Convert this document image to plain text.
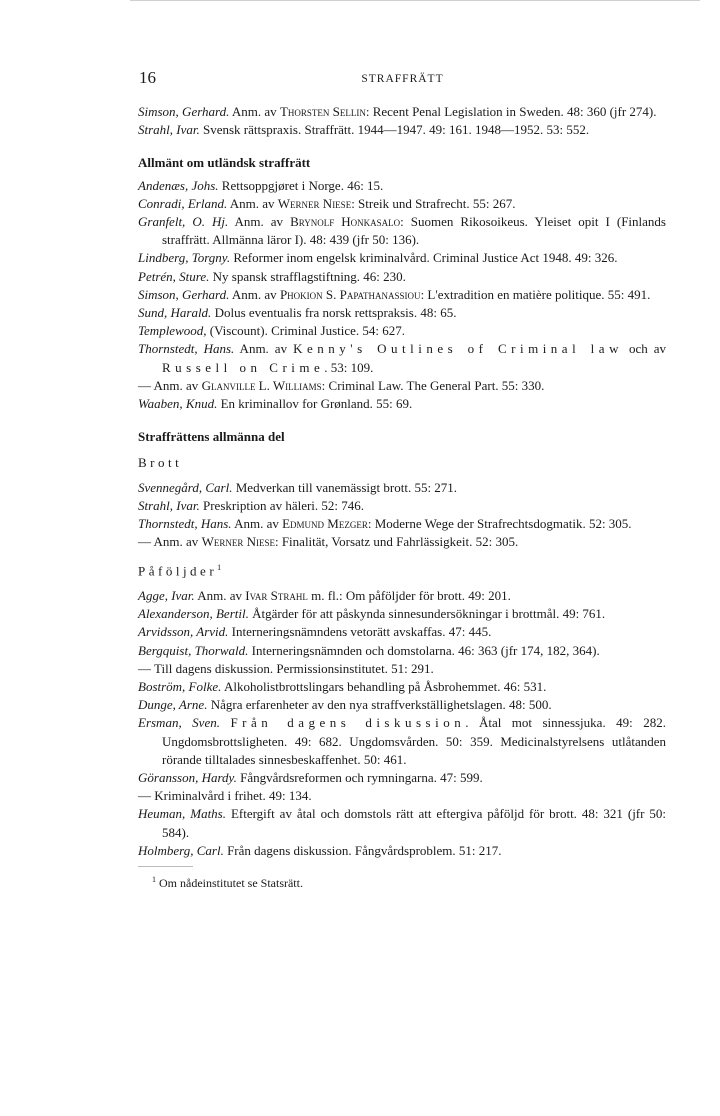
16	STRAFFRÄTT
Simson, Gerhard. Anm. av Thorsten Sellin: Recent Penal Legislation in Sweden. 48: 360 (jfr 274).
Strahl, Ivar. Svensk rättspraxis. Straffrätt. 1944—1947. 49: 161. 1948—1952. 53: 552.
Allmänt om utländsk straffrätt
Andenæs, Johs. Rettsoppgjøret i Norge. 46: 15.
Conradi, Erland. Anm. av Werner Niese: Streik und Strafrecht. 55: 267.
Granfelt, O. Hj. Anm. av Brynolf Honkasalo: Suomen Rikosoikeus. Yleiset opit I (Finlands straffrätt. Allmänna läror I). 48: 439 (jfr 50: 136).
Lindberg, Torgny. Reformer inom engelsk kriminalvård. Criminal Justice Act 1948. 49: 326.
Petrén, Sture. Ny spansk strafflagstiftning. 46: 230.
Simson, Gerhard. Anm. av Phokion S. Papathanassiou: L'extradition en matière politique. 55: 491.
Sund, Harald. Dolus eventualis fra norsk rettspraksis. 48: 65.
Templewood, (Viscount). Criminal Justice. 54: 627.
Thornstedt, Hans. Anm. av Kenny's Outlines of Criminal law och av Russell on Crime. 53: 109.
— Anm. av Glanville L. Williams: Criminal Law. The General Part. 55: 330.
Waaben, Knud. En kriminallov for Grønland. 55: 69.
Straffrättens allmänna del
Brott
Svennegård, Carl. Medverkan till vanemässigt brott. 55: 271.
Strahl, Ivar. Preskription av häleri. 52: 746.
Thornstedt, Hans. Anm. av Edmund Mezger: Moderne Wege der Strafrechtsdogmatik. 52: 305.
— Anm. av Werner Niese: Finalität, Vorsatz und Fahrlässigkeit. 52: 305.
Påföljder$^1$
Agge, Ivar. Anm. av Ivar Strahl m. fl.: Om påföljder för brott. 49: 201.
Alexanderson, Bertil. Åtgärder för att påskynda sinnesundersökningar i brottmål. 49: 761.
Arvidsson, Arvid. Interneringsnämndens vetorätt avskaffas. 47: 445.
Bergquist, Thorwald. Interneringsnämnden och domstolarna. 46: 363 (jfr 174, 182, 364).
— Till dagens diskussion. Permissionsinstitutet. 51: 291.
Boström, Folke. Alkoholistbrottslingars behandling på Åsbrohemmet. 46: 531.
Dunge, Arne. Några erfarenheter av den nya straffverkställighetslagen. 48: 500.
Ersman, Sven. Från dagens diskussion. Åtal mot sinnessjuka. 49: 282. Ungdomsbrottsligheten. 49: 682. Ungdomsvården. 50: 359. Medicinalstyrelsens utlåtanden rörande tilltalades sinnesbeskaffenhet. 50: 461.
Göransson, Hardy. Fångvårdsreformen och rymningarna. 47: 599.
— Kriminalvård i frihet. 49: 134.
Heuman, Maths. Eftergift av åtal och domstols rätt att eftergiva påföljd för brott. 48: 321 (jfr 50: 584).
Holmberg, Carl. Från dagens diskussion. Fångvårdsproblem. 51: 217.
$^1$ Om nådeinstitutet se Statsrätt.
